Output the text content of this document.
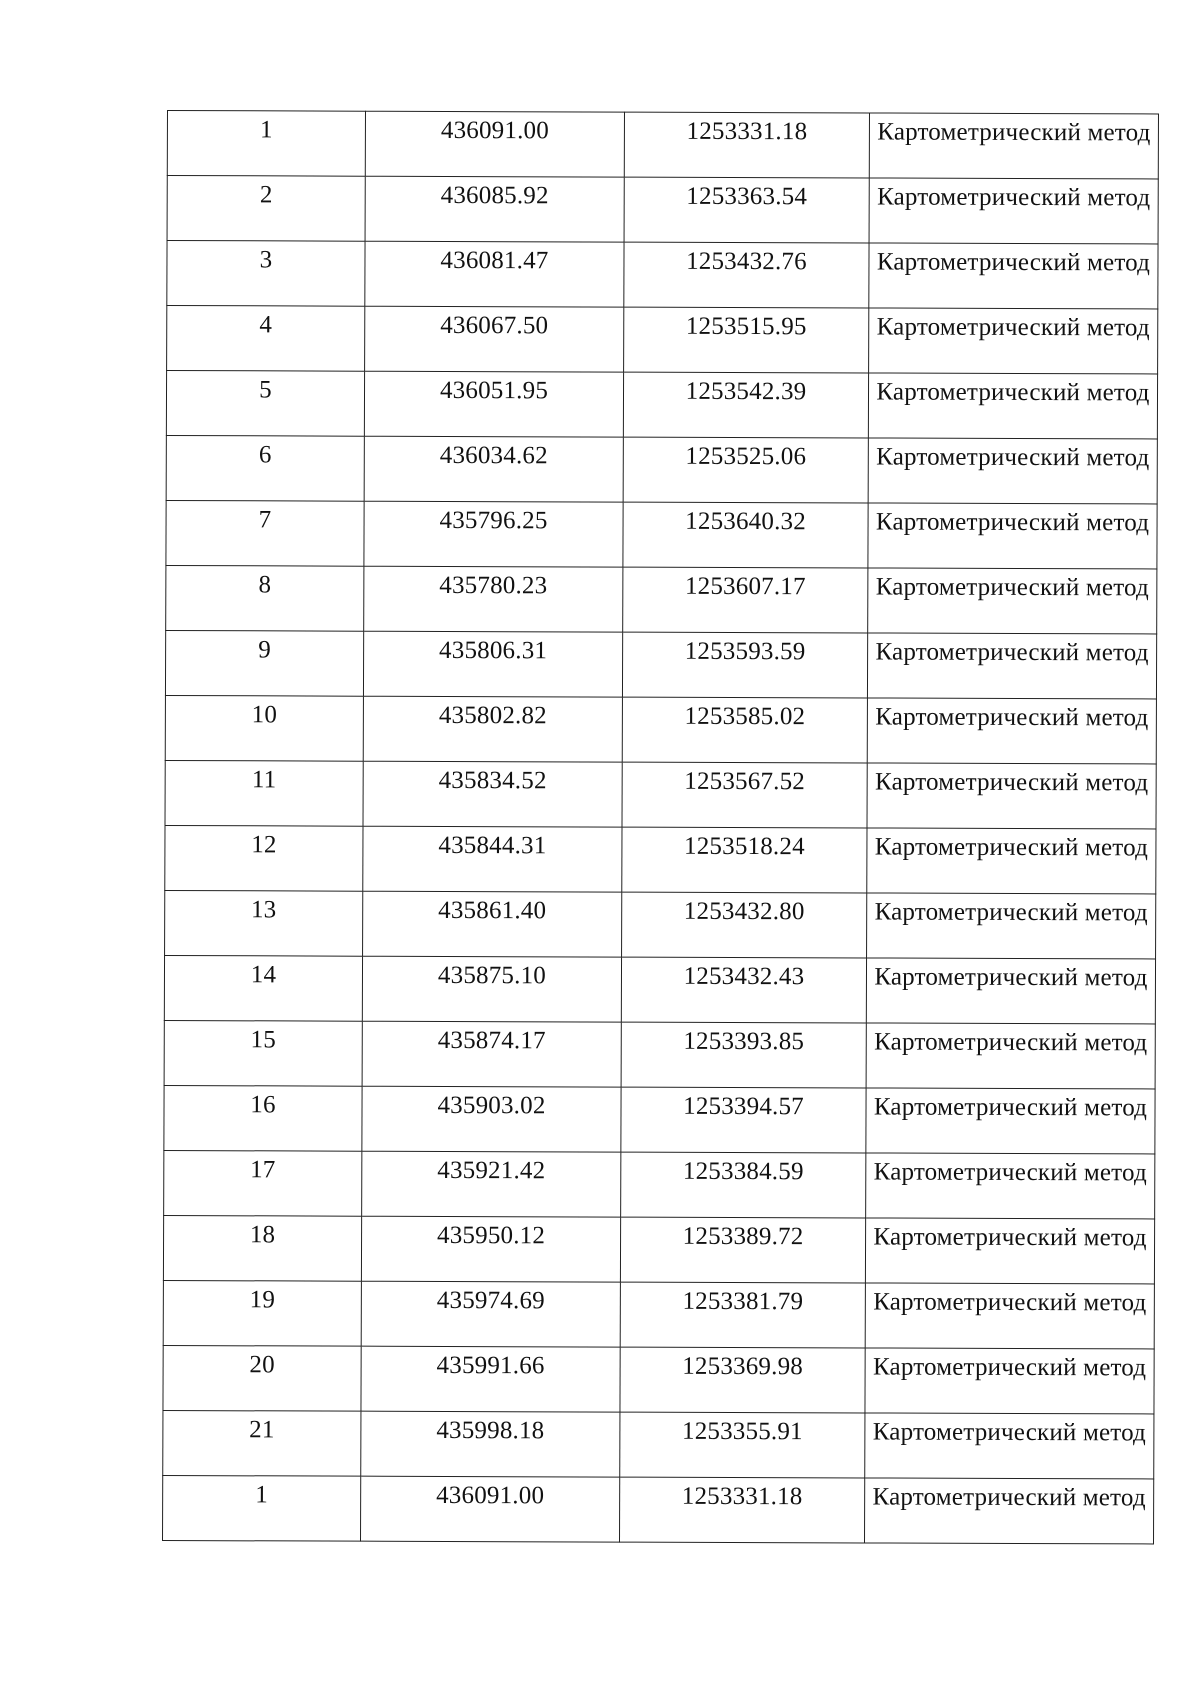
1	436091.00	1253331.18	Картометрический метод

2	436085.92	1253363.54	Картометрический метод

3	436081.47	1253432.76	Картометрический метод

4	436067.50	1253515.95	Картометрический метод

5	436051.95	1253542.39	Картометрический метод

6	436034.62	1253525.06	Картометрический метод

7	435796.25	1253640.32	Картометрический метод

8	435780.23	1253607.17	Картометрический метод

9	435806.31	1253593.59	Картометрический метод

10	435802.82	1253585.02	Картометрический метод

11	435834.52	1253567.52	Картометрический метод

12	435844.31	1253518.24	Картометрический метод

13	435861.40	1253432.80	Картометрический метод

14	435875.10	1253432.43	Картометрический метод

15	435874.17	1253393.85	Картометрический метод

16	435903.02	1253394.57	Картометрический метод

17	435921.42	1253384.59	Картометрический метод

18	435950.12	1253389.72	Картометрический метод

19	435974.69	1253381.79	Картометрический метод

20	435991.66	1253369.98	Картометрический метод

21	435998.18	1253355.91	Картометрический метод

1	436091.00	1253331.18	Картометрический метод
